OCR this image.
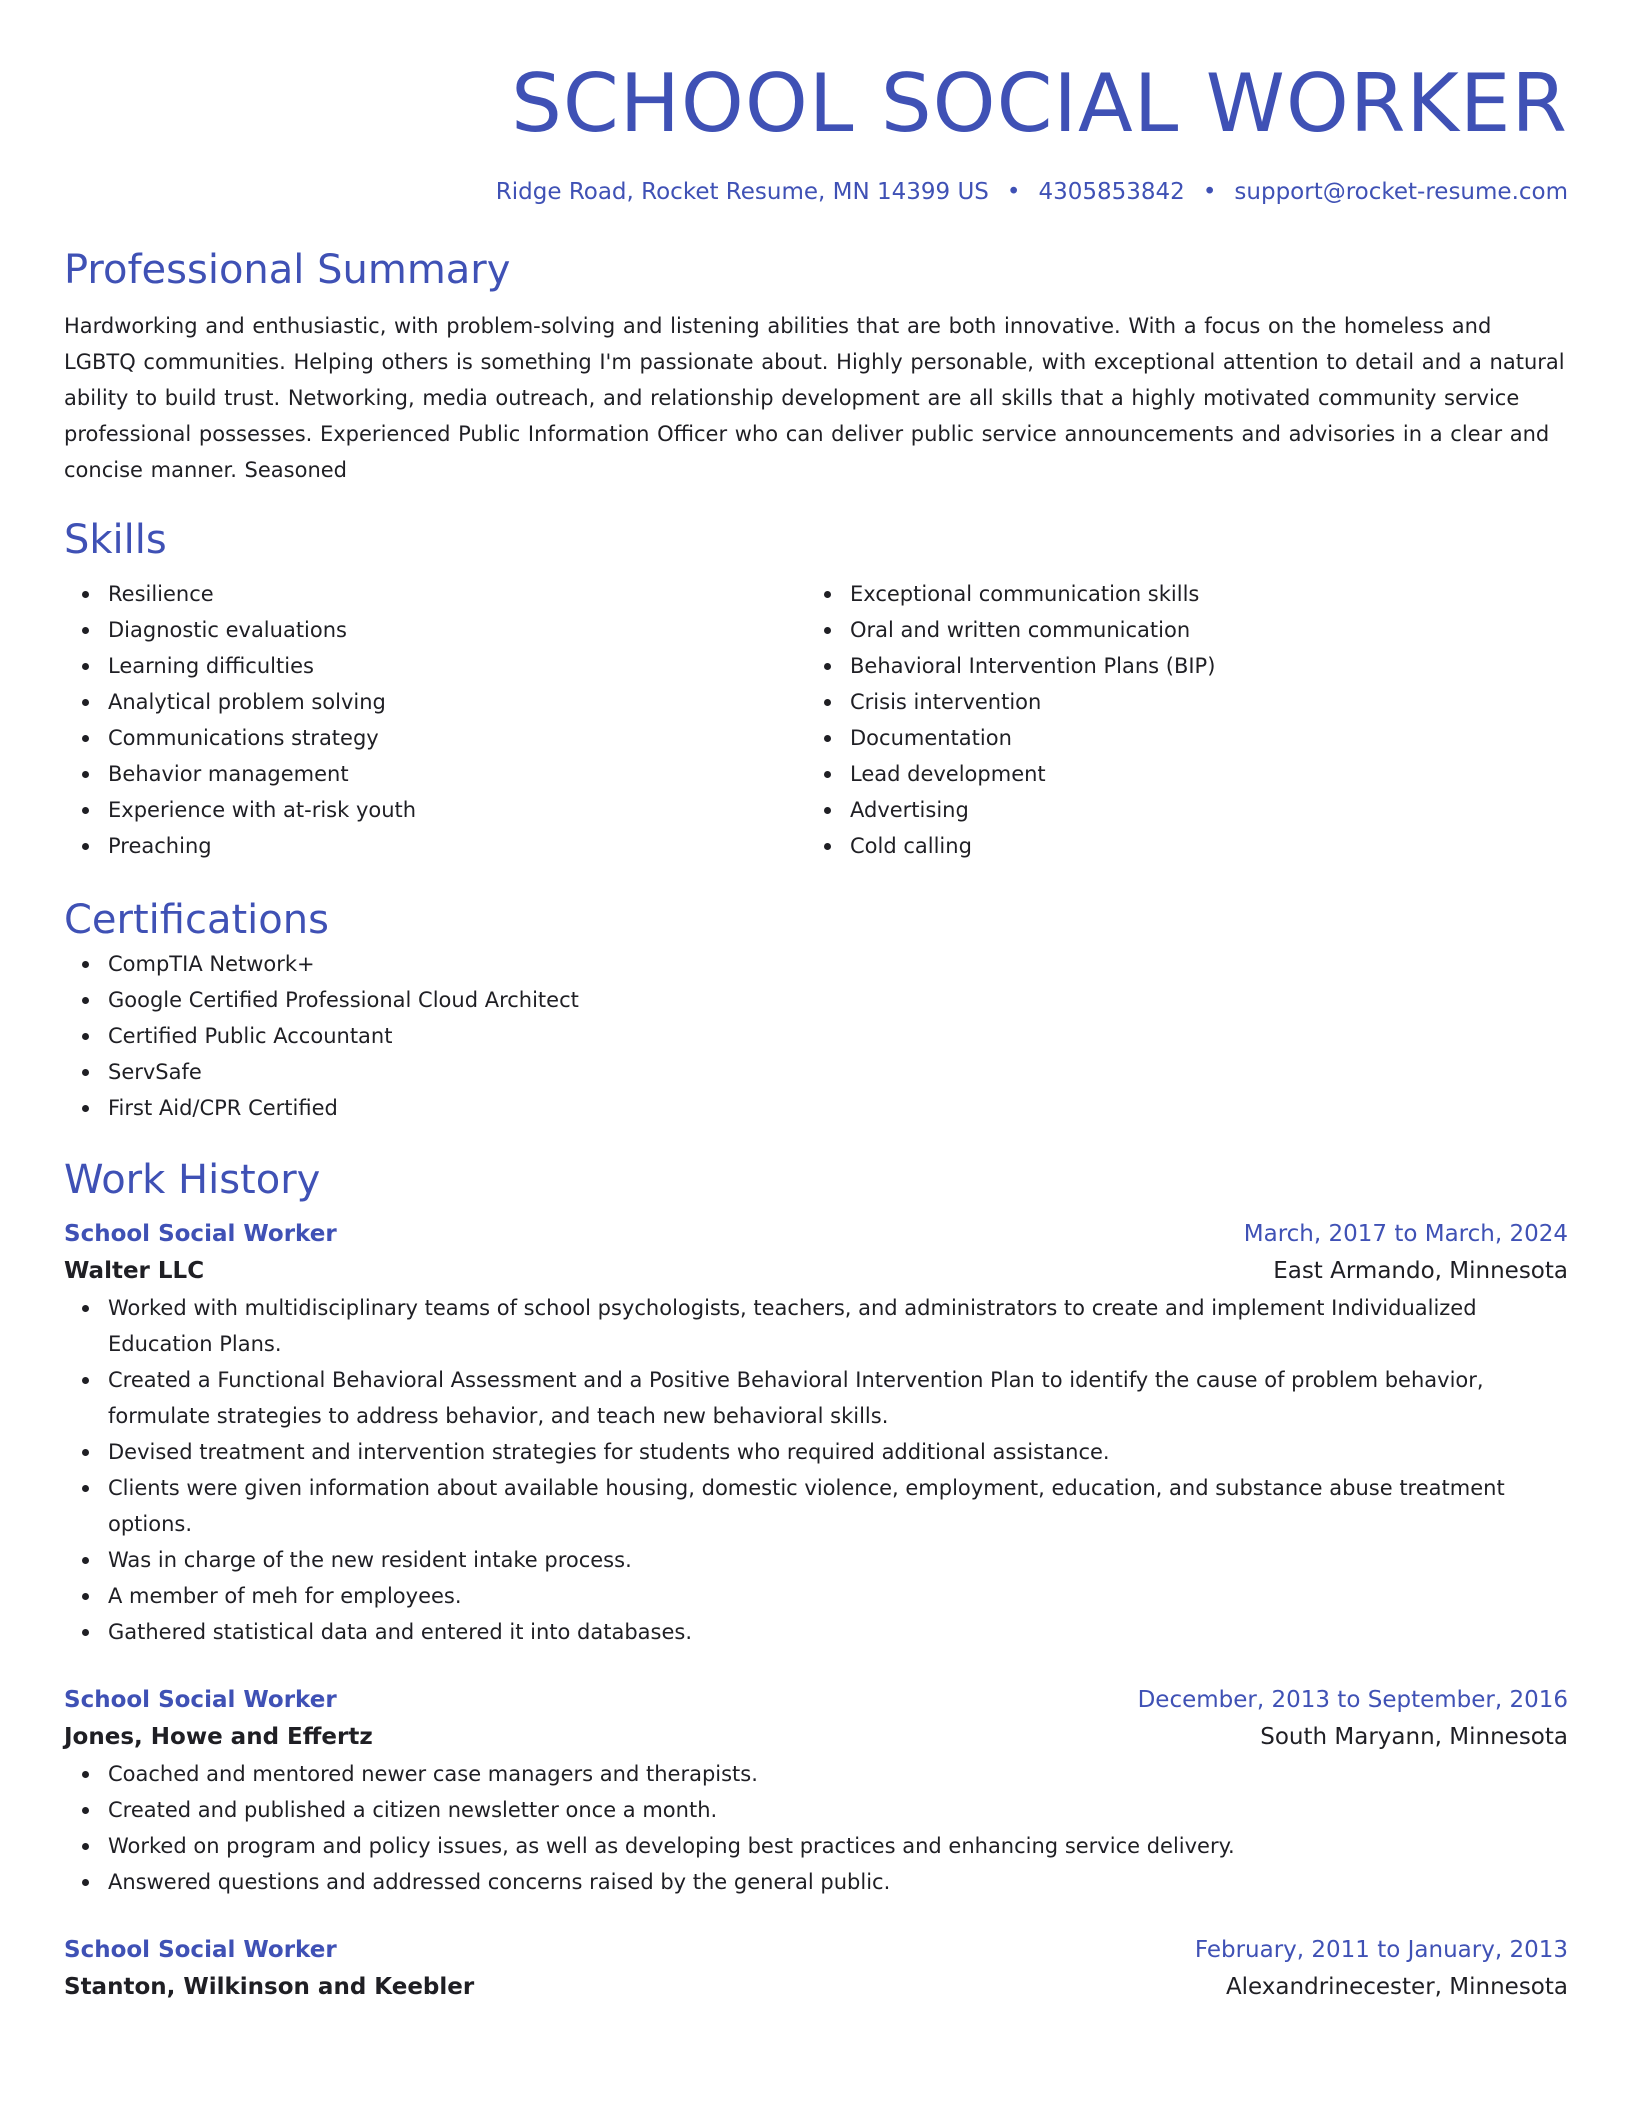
SCHOOL SOCIAL WORKER
Ridge Road, Rocket Resume, MN 14399 US • 4305853842 • support@rocket-resume.com
Professional Summary
Hardworking and enthusiastic, with problem-solving and listening abilities that are both innovative. With a focus on the homeless and LGBTQ communities. Helping others is something I'm passionate about. Highly personable, with exceptional attention to detail and a natural ability to build trust. Networking, media outreach, and relationship development are all skills that a highly motivated community service professional possesses. Experienced Public Information Officer who can deliver public service announcements and advisories in a clear and concise manner. Seasoned
Skills
Resilience
Diagnostic evaluations
Learning difficulties
Analytical problem solving
Communications strategy
Behavior management
Experience with at-risk youth
Preaching
Exceptional communication skills
Oral and written communication
Behavioral Intervention Plans (BIP)
Crisis intervention
Documentation
Lead development
Advertising
Cold calling
Certifications
CompTIA Network+
Google Certified Professional Cloud Architect
Certified Public Accountant
ServSafe
First Aid/CPR Certified
Work History
School Social Worker	March, 2017 to March, 2024
Walter LLC	East Armando, Minnesota
Worked with multidisciplinary teams of school psychologists, teachers, and administrators to create and implement Individualized Education Plans.
Created a Functional Behavioral Assessment and a Positive Behavioral Intervention Plan to identify the cause of problem behavior, formulate strategies to address behavior, and teach new behavioral skills.
Devised treatment and intervention strategies for students who required additional assistance.
Clients were given information about available housing, domestic violence, employment, education, and substance abuse treatment options.
Was in charge of the new resident intake process.
A member of meh for employees.
Gathered statistical data and entered it into databases.
School Social Worker	December, 2013 to September, 2016
Jones, Howe and Effertz	South Maryann, Minnesota
Coached and mentored newer case managers and therapists.
Created and published a citizen newsletter once a month.
Worked on program and policy issues, as well as developing best practices and enhancing service delivery.
Answered questions and addressed concerns raised by the general public.
School Social Worker	February, 2011 to January, 2013
Stanton, Wilkinson and Keebler	Alexandrinecester, Minnesota
